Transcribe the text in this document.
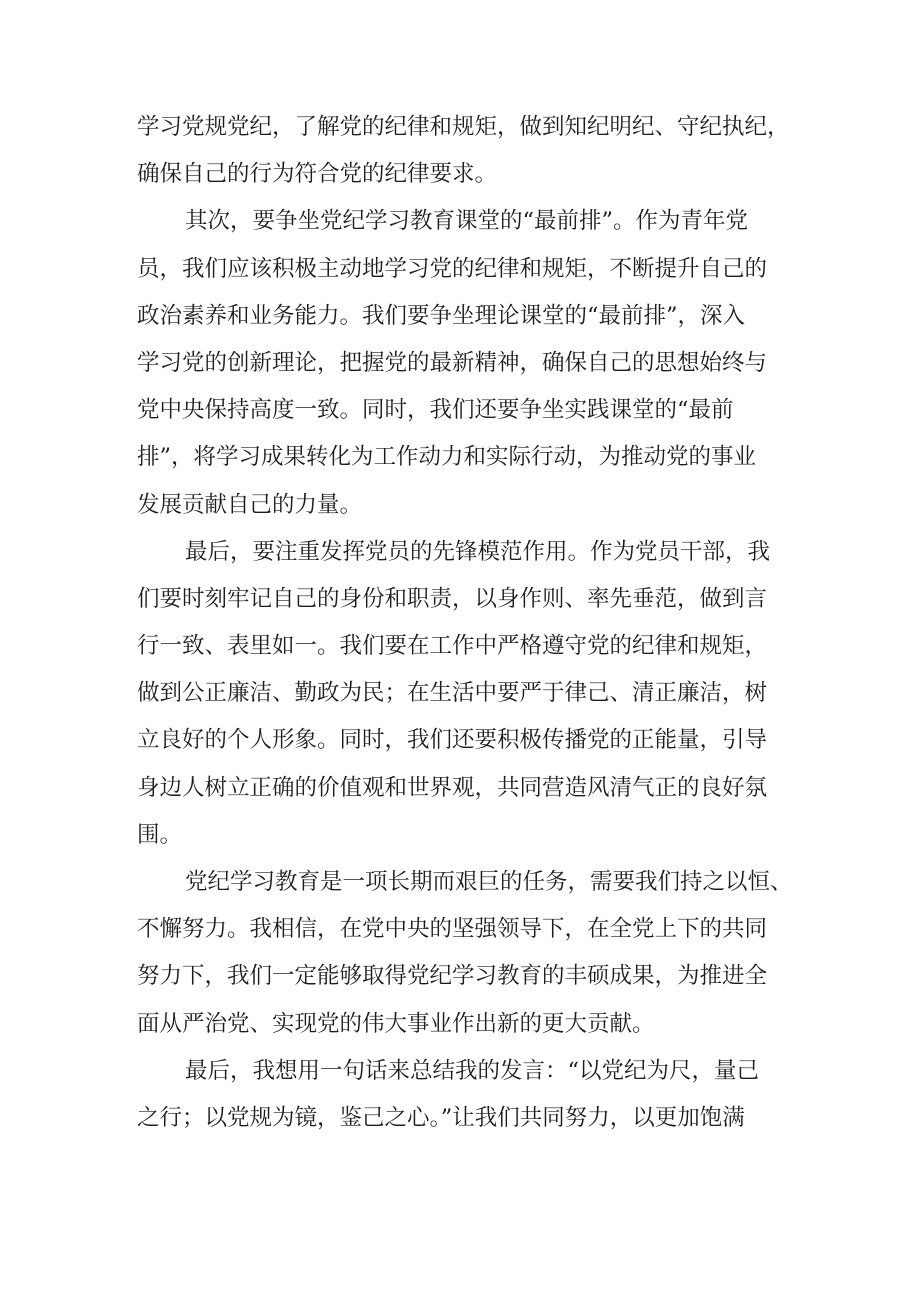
学习党规党纪，了解党的纪律和规矩，做到知纪明纪、守纪执纪，
确保自己的行为符合党的纪律要求。
其次，要争坐党纪学习教育课堂的“最前排”。作为青年党
员，我们应该积极主动地学习党的纪律和规矩，不断提升自己的
政治素养和业务能力。我们要争坐理论课堂的“最前排”，深入
学习党的创新理论，把握党的最新精神，确保自己的思想始终与
党中央保持高度一致。同时，我们还要争坐实践课堂的“最前
排”，将学习成果转化为工作动力和实际行动，为推动党的事业
发展贡献自己的力量。
最后，要注重发挥党员的先锋模范作用。作为党员干部，我
们要时刻牢记自己的身份和职责，以身作则、率先垂范，做到言
行一致、表里如一。我们要在工作中严格遵守党的纪律和规矩，
做到公正廉洁、勤政为民；在生活中要严于律己、清正廉洁，树
立良好的个人形象。同时，我们还要积极传播党的正能量，引导
身边人树立正确的价值观和世界观，共同营造风清气正的良好氛
围。
党纪学习教育是一项长期而艰巨的任务，需要我们持之以恒、
不懈努力。我相信，在党中央的坚强领导下，在全党上下的共同
努力下，我们一定能够取得党纪学习教育的丰硕成果，为推进全
面从严治党、实现党的伟大事业作出新的更大贡献。
最后，我想用一句话来总结我的发言：“以党纪为尺，量己
之行；以党规为镜，鉴己之心。”让我们共同努力，以更加饱满
